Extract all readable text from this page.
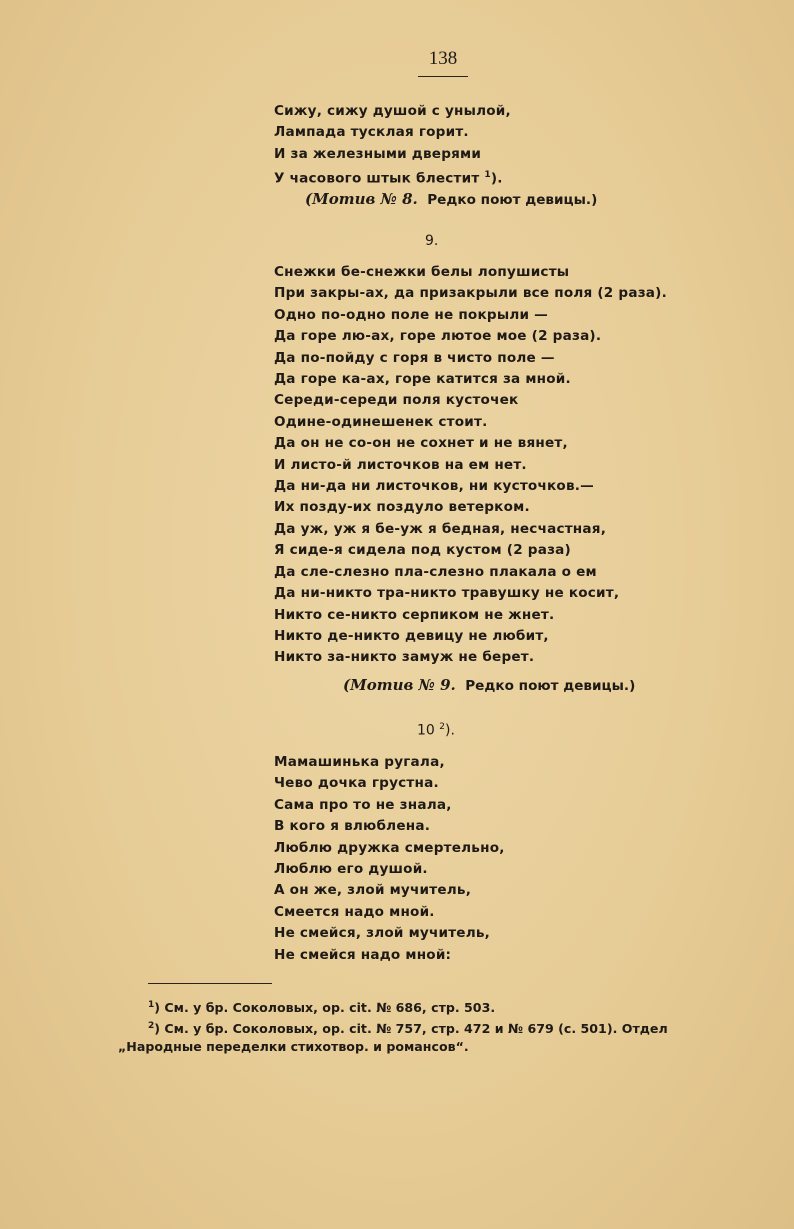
138
Сижу, сижу душой с унылой,
Лампада тусклая горит.
И за железными дверями
У часового штык блестит $^1$).
(Мотив № 8. Редко поют девицы.)
9.
Снежки бе-снежки белы лопушисты
При закры-ах, да призакрыли все поля (2 раза).
Одно по-одно поле не покрыли —
Да горе лю-ах, горе лютое мое (2 раза).
Да по-пойду с горя в чисто поле —
Да горе ка-ах, горе катится за мной.
Середи-середи поля кусточек
Одине-одинешенек стоит.
Да он не со-он не сохнет и не вянет,
И листо-й листочков на ем нет.
Да ни-да ни листочков, ни кусточков.—
Их позду-их поздуло ветерком.
Да уж, уж я бе-уж я бедная, несчастная,
Я сиде-я сидела под кустом (2 раза)
Да сле-слезно пла-слезно плакала о ем
Да ни-никто тра-никто травушку не косит,
Никто се-никто серпиком не жнет.
Никто де-никто девицу не любит,
Никто за-никто замуж не берет.
(Мотив № 9. Редко поют девицы.)
10 $^2$).
Мамашинька ругала,
Чево дочка грустна.
Сама про то не знала,
В кого я влюблена.
Люблю дружка смертельно,
Люблю его душой.
А он же, злой мучитель,
Смеется надо мной.
Не смейся, злой мучитель,
Не смейся надо мной:
$^1$) См. у бр. Соколовых, ор. cit. № 686, стр. 503.
$^2$) См. у бр. Соколовых, ор. cit. № 757, стр. 472 и № 679 (с. 501). Отдел
„Народные переделки стихотвор. и романсов“.
